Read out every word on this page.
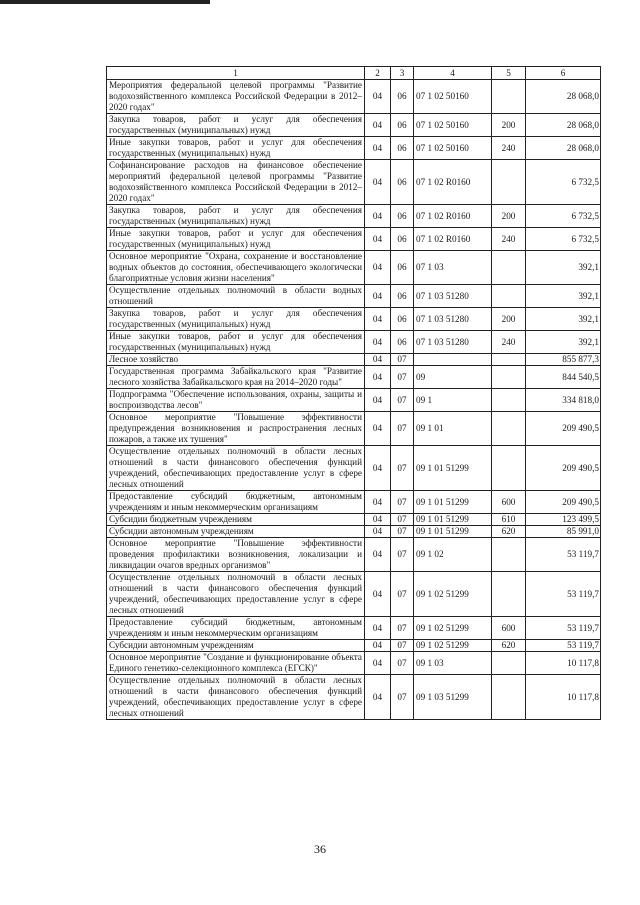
1	2	3	4	5	6
Мероприятия федеральной целевой программы "Развитие водохозяйственного комплекса Российской Федерации в 2012–2020 годах"	04	06	07 1 02 50160		28 068,0
Закупка товаров, работ и услуг для обеспечения государственных (муниципальных) нужд	04	06	07 1 02 50160	200	28 068,0
Иные закупки товаров, работ и услуг для обеспечения государственных (муниципальных) нужд	04	06	07 1 02 50160	240	28 068,0
Софинансирование расходов на финансовое обеспечение мероприятий федеральной целевой программы "Развитие водохозяйственного комплекса Российской Федерации в 2012–2020 годах"	04	06	07 1 02 R0160		6 732,5
Закупка товаров, работ и услуг для обеспечения государственных (муниципальных) нужд	04	06	07 1 02 R0160	200	6 732,5
Иные закупки товаров, работ и услуг для обеспечения государственных (муниципальных) нужд	04	06	07 1 02 R0160	240	6 732,5
Основное мероприятие "Охрана, сохранение и восстановление водных объектов до состояния, обеспечивающего экологически благоприятные условия жизни населения"	04	06	07 1 03		392,1
Осуществление отдельных полномочий в области водных отношений	04	06	07 1 03 51280		392,1
Закупка товаров, работ и услуг для обеспечения государственных (муниципальных) нужд	04	06	07 1 03 51280	200	392,1
Иные закупки товаров, работ и услуг для обеспечения государственных (муниципальных) нужд	04	06	07 1 03 51280	240	392,1
Лесное хозяйство	04	07			855 877,3
Государственная программа Забайкальского края "Развитие лесного хозяйства Забайкальского края на 2014–2020 годы"	04	07	09		844 540,5
Подпрограмма "Обеспечение использования, охраны, защиты и воспроизводства лесов"	04	07	09 1		334 818,0
Основное мероприятие "Повышение эффективности предупреждения возникновения и распространения лесных пожаров, а также их тушения"	04	07	09 1 01		209 490,5
Осуществление отдельных полномочий в области лесных отношений в части финансового обеспечения функций учреждений, обеспечивающих предоставление услуг в сфере лесных отношений	04	07	09 1 01 51299		209 490,5
Предоставление субсидий бюджетным, автономным учреждениям и иным некоммерческим организациям	04	07	09 1 01 51299	600	209 490,5
Субсидии бюджетным учреждениям	04	07	09 1 01 51299	610	123 499,5
Субсидии автономным учреждениям	04	07	09 1 01 51299	620	85 991,0
Основное мероприятие "Повышение эффективности проведения профилактики возникновения, локализации и ликвидации очагов вредных организмов"	04	07	09 1 02		53 119,7
Осуществление отдельных полномочий в области лесных отношений в части финансового обеспечения функций учреждений, обеспечивающих предоставление услуг в сфере лесных отношений	04	07	09 1 02 51299		53 119,7
Предоставление субсидий бюджетным, автономным учреждениям и иным некоммерческим организациям	04	07	09 1 02 51299	600	53 119,7
Субсидии автономным учреждениям	04	07	09 1 02 51299	620	53 119,7
Основное мероприятие "Создание и функционирование объекта Единого генетико-селекционного комплекса (ЕГСК)"	04	07	09 1 03		10 117,8
Осуществление отдельных полномочий в области лесных отношений в части финансового обеспечения функций учреждений, обеспечивающих предоставление услуг в сфере лесных отношений	04	07	09 1 03 51299		10 117,8
36
